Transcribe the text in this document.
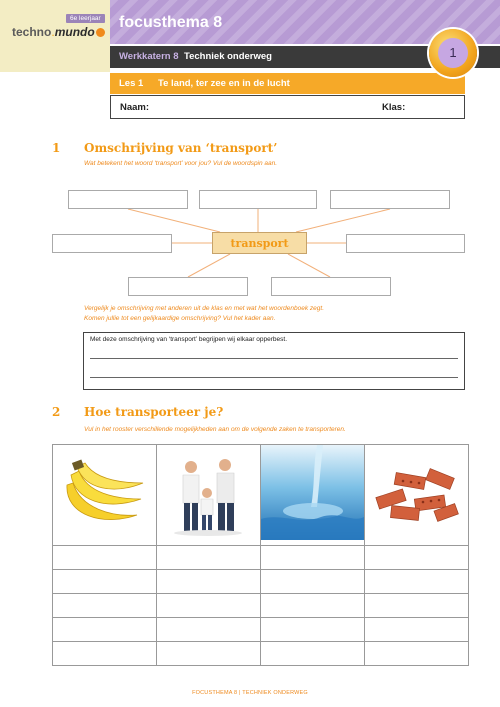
6e leerjaar
techno.mundo
focusthema 8
Werkkatern 8 Techniek onderweg
Les 1 Te land, ter zee en in de lucht
Naam:	Klas:
1
1 Omschrijving van ‘transport’
Wat betekent het woord ‘transport’ voor jou? Vul de woordspin aan.
transport
Vergelijk je omschrijving met anderen uit de klas en met wat het woordenboek zegt.
Komen jullie tot een gelijkaardige omschrijving? Vul het kader aan.
Met deze omschrijving van ‘transport’ begrijpen wij elkaar opperbest.
2 Hoe transporteer je?
Vul in het rooster verschillende mogelijkheden aan om de volgende zaken te transporteren.

FOCUSTHEMA 8 | TECHNIEK ONDERWEG
